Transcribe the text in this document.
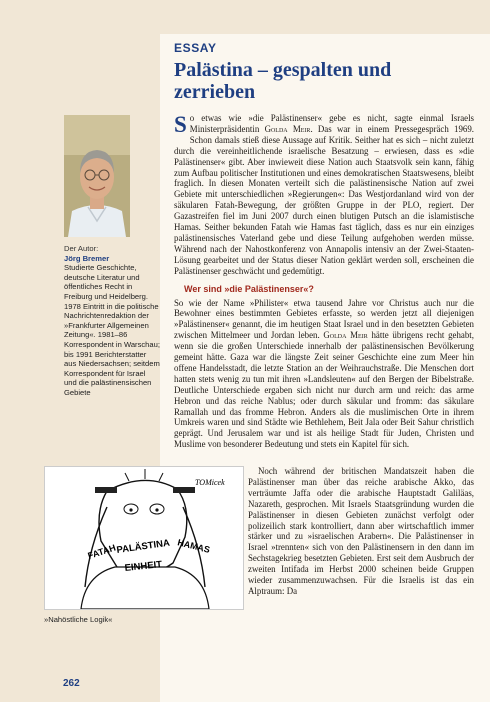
ESSAY
Palästina – gespalten und zerrieben
Der Autor:
Jörg Bremer
Studierte Geschichte, deutsche Literatur und öffentliches Recht in Freiburg und Heidelberg. 1978 Eintritt in die politische Nachrichtenredaktion der »Frankfurter Allgemeinen Zeitung«. 1981–86 Korrespondent in Warschau; bis 1991 Berichterstatter aus Niedersachsen; seitdem Korrespondent für Israel und die palästinensischen Gebiete

So etwas wie »die Palästinenser« gebe es nicht, sagte einmal Israels Ministerpräsidentin Golda Meir. Das war in einem Pressegespräch 1969. Schon damals stieß diese Aussage auf Kritik. Seither hat es sich – nicht zuletzt durch die vereinheitlichende israelische Besatzung – erwiesen, dass es »die Palästinenser« gibt. Aber inwieweit diese Nation auch Staatsvolk sein kann, fähig zum Aufbau politischer Institutionen und eines demokratischen Staatswesens, bleibt fraglich. In diesen Monaten verteilt sich die palästinensische Nation auf zwei Gebiete mit unterschiedlichen »Regierungen«: Das Westjordanland wird von der säkularen Fatah-Bewegung, der größten Gruppe in der PLO, regiert. Der Gazastreifen fiel im Juni 2007 durch einen blutigen Putsch an die islamistische Hamas. Seither bekunden Fatah wie Hamas fast täglich, dass es nur ein einziges palästinensisches Vaterland gebe und diese Teilung aufgehoben werden müsse. Während nach der Nahostkonferenz von Annapolis intensiv an der Zwei-Staaten-Lösung gearbeitet und der Status dieser Nation geklärt werden soll, erscheinen die Palästinenser geschwächt und gedemütigt.

Wer sind »die Palästinenser«?

So wie der Name »Philister« etwa tausend Jahre vor Christus auch nur die Bewohner eines bestimmten Gebietes erfasste, so werden jetzt all diejenigen »Palästinenser« genannt, die im heutigen Staat Israel und in den besetzten Gebieten zwischen Mittelmeer und Jordan leben. Golda Meir hätte übrigens recht gehabt, wenn sie die großen Unterschiede innerhalb der palästinensischen Bevölkerung gemeint hätte. Gaza war die längste Zeit seiner Geschichte eine zum Meer hin offene Handelsstadt, die letzte Station an der Weihrauchstraße. Die Menschen dort hatten stets wenig zu tun mit ihren »Landsleuten« auf den Bergen der Bibelstraße. Deutliche Unterschiede ergaben sich nicht nur durch arm und reich: das arme Hebron und das reiche Nablus; oder durch säkular und fromm: das säkulare Ramallah und das fromme Hebron. Anders als die muslimischen Orte in ihrem Umkreis waren und sind Städte wie Bethlehem, Beit Jala oder Beit Sahur christlich geprägt. Und Jerusalem war und ist als heilige Stadt für Juden, Christen und Muslime von besonderer Bedeutung und stets ein Kapitel für sich.

Noch während der britischen Mandatszeit haben die Palästinenser man über das reiche arabische Akko, das verträumte Jaffa oder die arabische Hauptstadt Galiläas, Nazareth, gesprochen. Mit Israels Staatsgründung wurden die Palästinenser in diesen Gebieten zunächst verfolgt oder polizeilich stark kontrolliert, dann aber wirtschaftlich immer stärker und zu »israelischen Arabern«. Die Palästinenser in Israel »trennten« sich von den Palästinensern in den dann im Sechstagekrieg besetzten Gebieten. Erst seit dem Ausbruch der zweiten Intifada im Herbst 2000 scheinen beide Gruppen wieder zusammenzuwachsen. Für die Israelis ist das ein Alptraum: Da

FATAH	HAMAS
PALÄSTINA
EINHEIT
TOMicek
»Nahöstliche Logik«
262
